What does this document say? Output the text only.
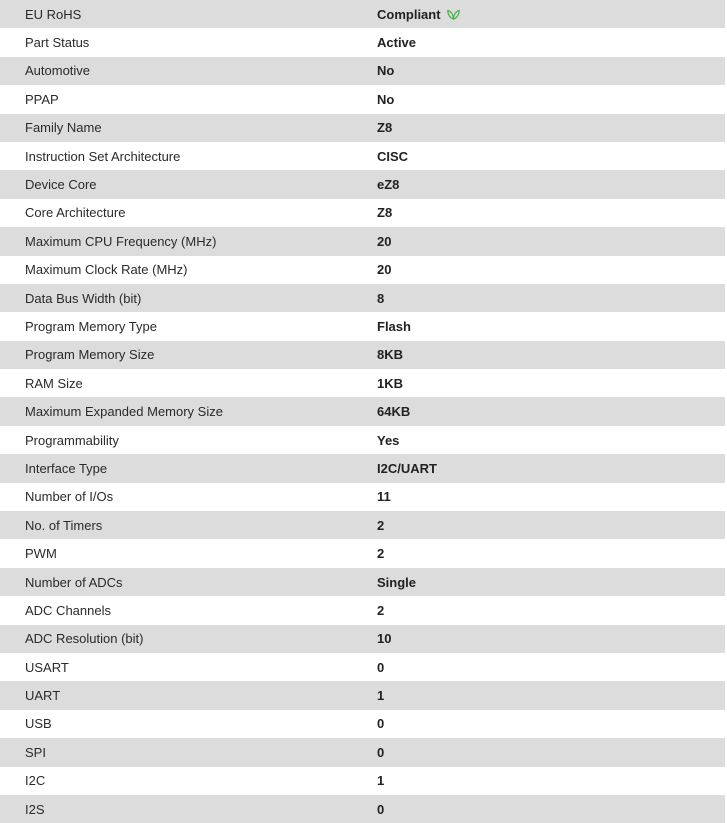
EU RoHS	Compliant
Part Status	Active
Automotive	No
PPAP	No
Family Name	Z8
Instruction Set Architecture	CISC
Device Core	eZ8
Core Architecture	Z8
Maximum CPU Frequency (MHz)	20
Maximum Clock Rate (MHz)	20
Data Bus Width (bit)	8
Program Memory Type	Flash
Program Memory Size	8KB
RAM Size	1KB
Maximum Expanded Memory Size	64KB
Programmability	Yes
Interface Type	I2C/UART
Number of I/Os	11
No. of Timers	2
PWM	2
Number of ADCs	Single
ADC Channels	2
ADC Resolution (bit)	10
USART	0
UART	1
USB	0
SPI	0
I2C	1
I2S	0
